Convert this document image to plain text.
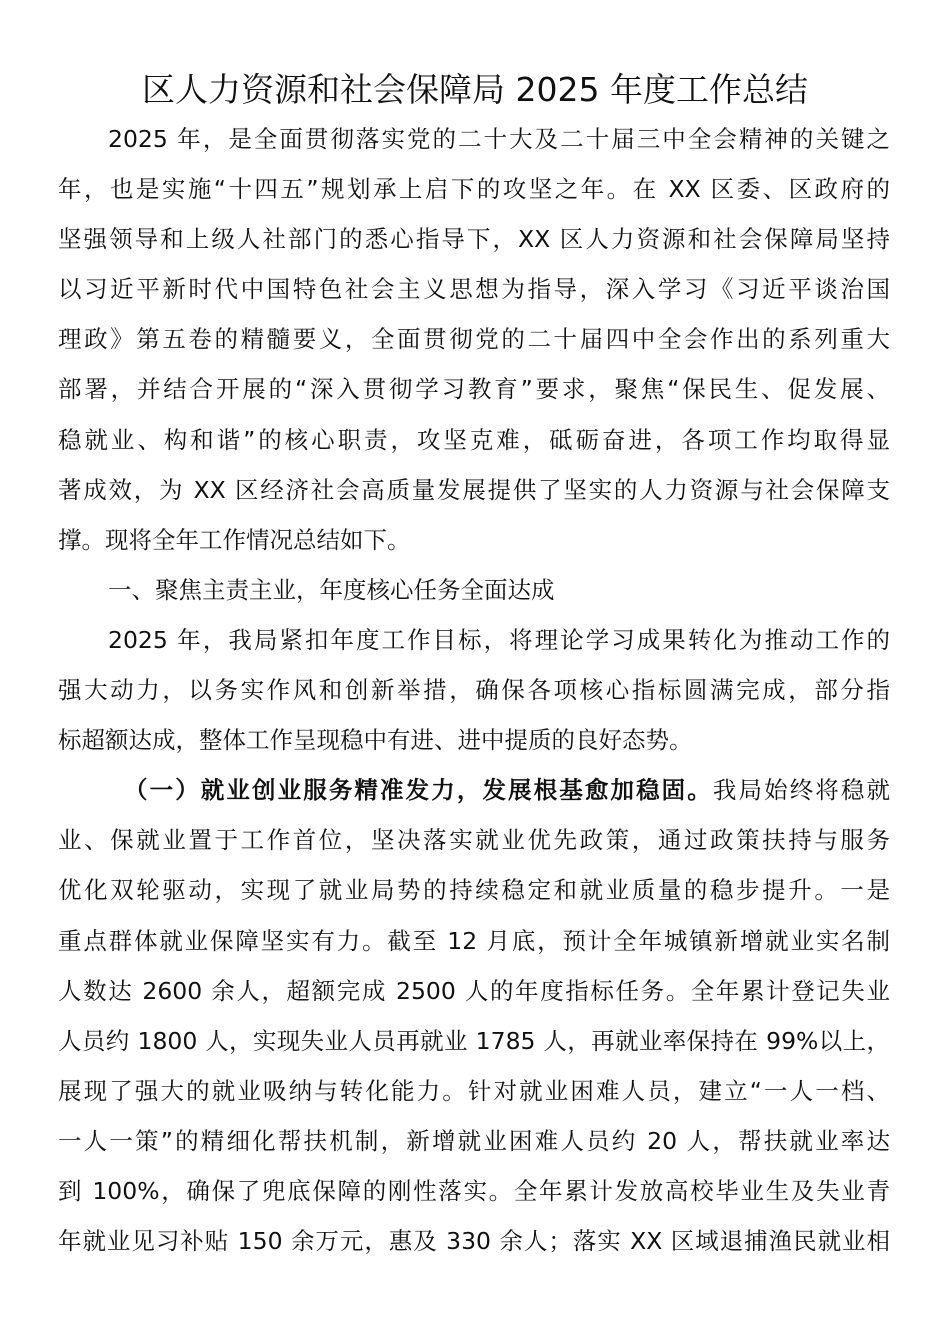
区人力资源和社会保障局 2025 年度工作总结
2025 年，是全面贯彻落实党的二十大及二十届三中全会精神的关键之
年，也是实施“十四五”规划承上启下的攻坚之年。在 XX 区委、区政府的
坚强领导和上级人社部门的悉心指导下，XX 区人力资源和社会保障局坚持
以习近平新时代中国特色社会主义思想为指导，深入学习《习近平谈治国
理政》第五卷的精髓要义，全面贯彻党的二十届四中全会作出的系列重大
部署，并结合开展的“深入贯彻学习教育”要求，聚焦“保民生、促发展、
稳就业、构和谐”的核心职责，攻坚克难，砥砺奋进，各项工作均取得显
著成效，为 XX 区经济社会高质量发展提供了坚实的人力资源与社会保障支
撑。现将全年工作情况总结如下。
一、聚焦主责主业，年度核心任务全面达成
2025 年，我局紧扣年度工作目标，将理论学习成果转化为推动工作的
强大动力，以务实作风和创新举措，确保各项核心指标圆满完成，部分指
标超额达成，整体工作呈现稳中有进、进中提质的良好态势。
（一）就业创业服务精准发力，发展根基愈加稳固。我局始终将稳就
业、保就业置于工作首位，坚决落实就业优先政策，通过政策扶持与服务
优化双轮驱动，实现了就业局势的持续稳定和就业质量的稳步提升。一是
重点群体就业保障坚实有力。截至 12 月底，预计全年城镇新增就业实名制
人数达 2600 余人，超额完成 2500 人的年度指标任务。全年累计登记失业
人员约 1800 人，实现失业人员再就业 1785 人，再就业率保持在 99%以上，
展现了强大的就业吸纳与转化能力。针对就业困难人员，建立“一人一档、
一人一策”的精细化帮扶机制，新增就业困难人员约 20 人，帮扶就业率达
到 100%，确保了兜底保障的刚性落实。全年累计发放高校毕业生及失业青
年就业见习补贴 150 余万元，惠及 330 余人；落实 XX 区域退捕渔民就业相
